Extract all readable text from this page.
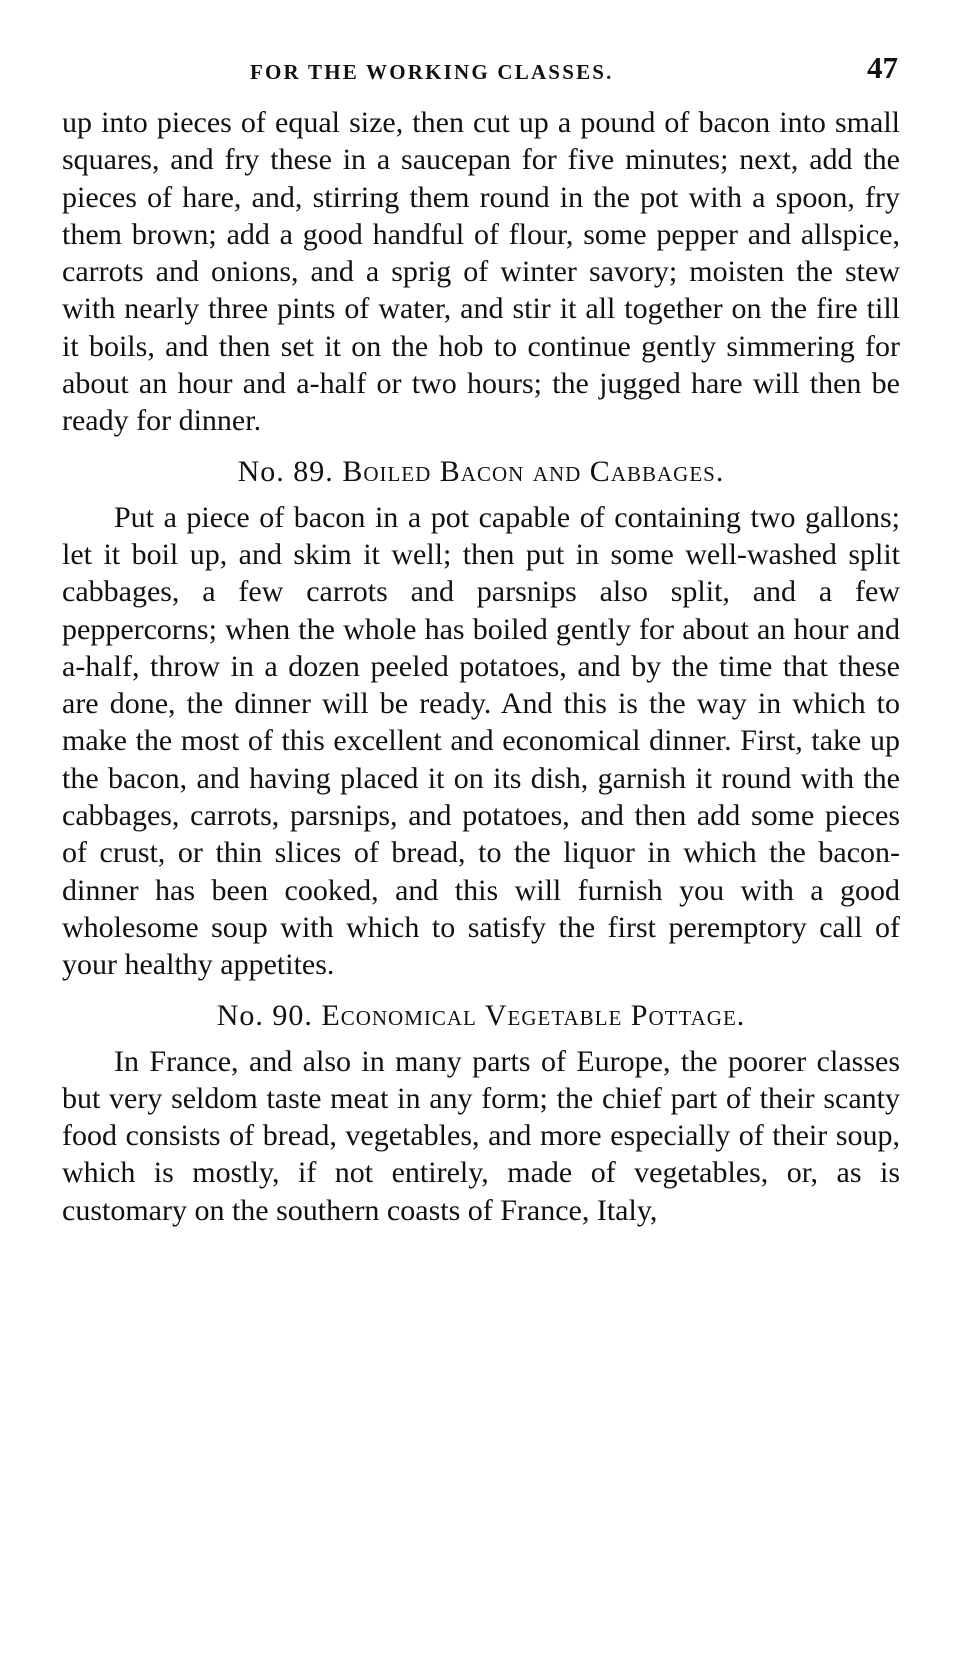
FOR THE WORKING CLASSES.	47

up into pieces of equal size, then cut up a pound of bacon into small squares, and fry these in a saucepan for five minutes; next, add the pieces of hare, and, stirring them round in the pot with a spoon, fry them brown; add a good handful of flour, some pepper and allspice, carrots and onions, and a sprig of winter savory; moisten the stew with nearly three pints of water, and stir it all together on the fire till it boils, and then set it on the hob to continue gently simmering for about an hour and a-half or two hours; the jugged hare will then be ready for dinner.

No. 89. Boiled Bacon and Cabbages.

Put a piece of bacon in a pot capable of containing two gallons; let it boil up, and skim it well; then put in some well-washed split cabbages, a few carrots and parsnips also split, and a few peppercorns; when the whole has boiled gently for about an hour and a-half, throw in a dozen peeled potatoes, and by the time that these are done, the dinner will be ready. And this is the way in which to make the most of this excellent and economical dinner. First, take up the bacon, and having placed it on its dish, garnish it round with the cabbages, carrots, parsnips, and potatoes, and then add some pieces of crust, or thin slices of bread, to the liquor in which the bacon-dinner has been cooked, and this will furnish you with a good wholesome soup with which to satisfy the first peremptory call of your healthy appetites.

No. 90. Economical Vegetable Pottage.

In France, and also in many parts of Europe, the poorer classes but very seldom taste meat in any form; the chief part of their scanty food consists of bread, vegetables, and more especially of their soup, which is mostly, if not entirely, made of vegetables, or, as is customary on the southern coasts of France, Italy,
